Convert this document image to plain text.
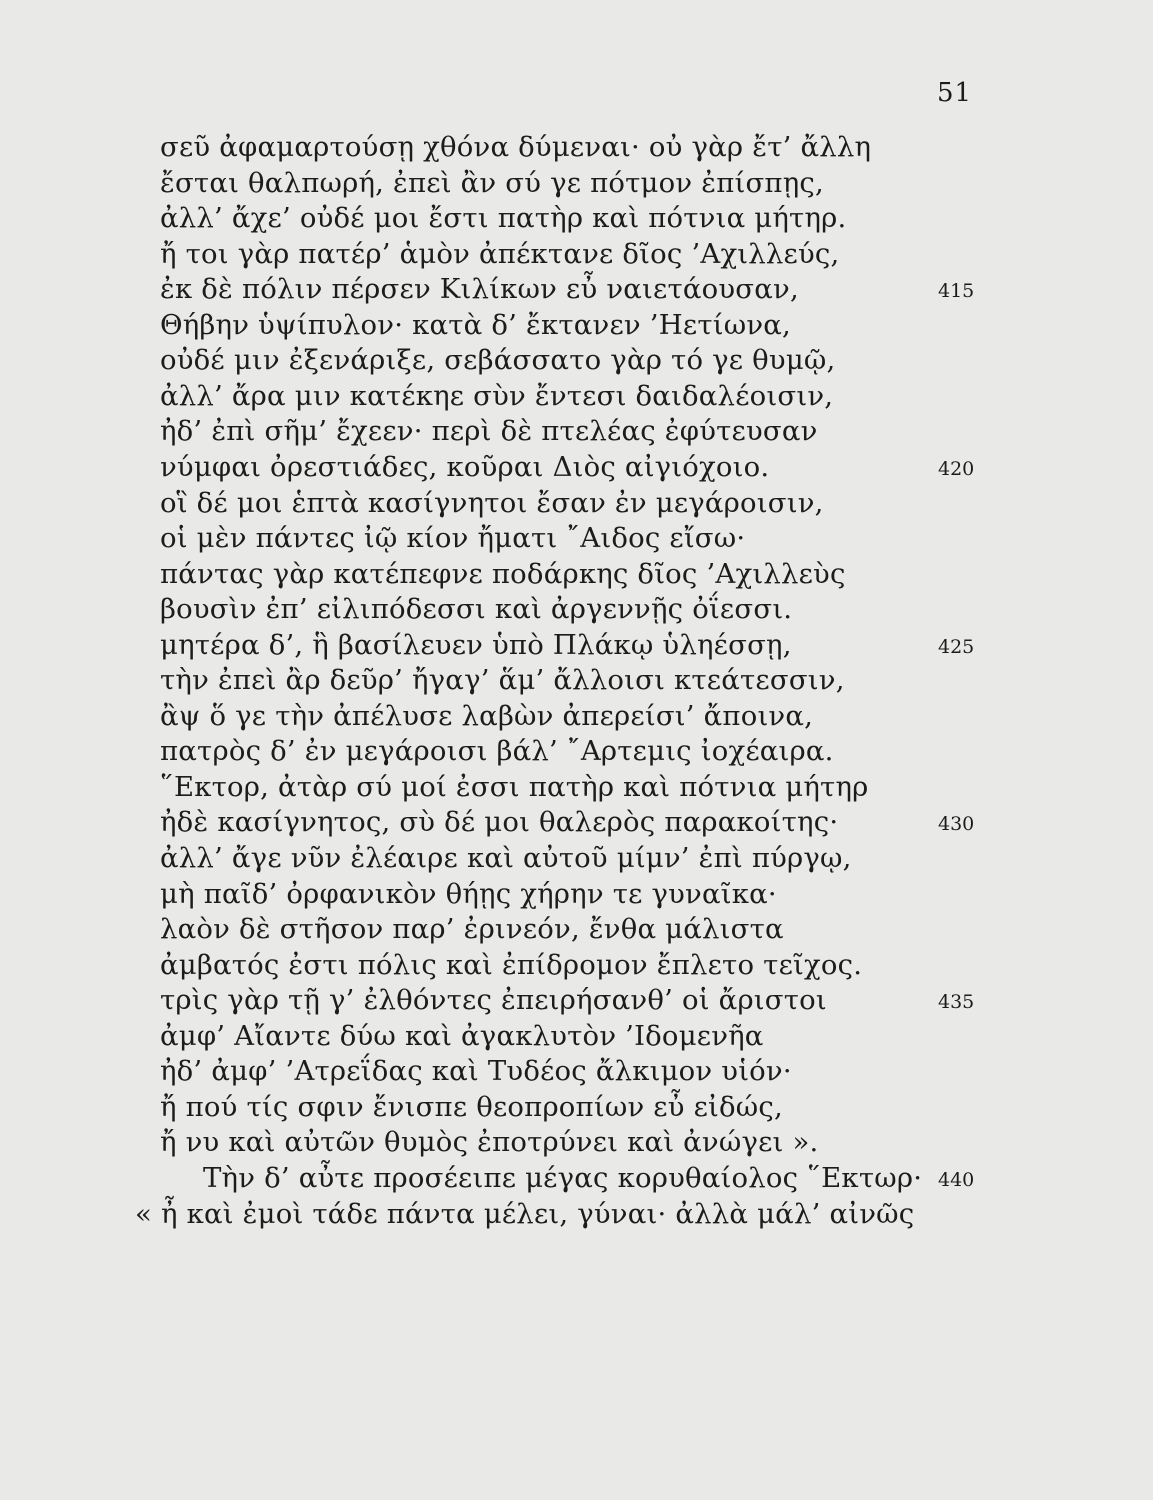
51
σεῦ ἀφαμαρτούσῃ χθόνα δύμεναι· οὐ γὰρ ἔτ’ ἄλλη
ἔσται θαλπωρή, ἐπεὶ ἂν σύ γε πότμον ἐπίσπῃς,
ἀλλ’ ἄχε’ οὐδέ μοι ἔστι πατὴρ καὶ πότνια μήτηρ.
ἤ τοι γὰρ πατέρ’ ἁμὸν ἀπέκτανε δῖος ’Αχιλλεύς,
ἐκ δὲ πόλιν πέρσεν Κιλίκων εὖ ναιετάουσαν,	415
Θήβην ὑψίπυλον· κατὰ δ’ ἔκτανεν ’Ηετίωνα,
οὐδέ μιν ἐξενάριξε, σεβάσσατο γὰρ τό γε θυμῷ,
ἀλλ’ ἄρα μιν κατέκηε σὺν ἔντεσι δαιδαλέοισιν,
ἠδ’ ἐπὶ σῆμ’ ἔχεεν· περὶ δὲ πτελέας ἐφύτευσαν
νύμφαι ὀρεστιάδες, κοῦραι Διὸς αἰγιόχοιο.	420
οἳ δέ μοι ἑπτὰ κασίγνητοι ἔσαν ἐν μεγάροισιν,
οἱ μὲν πάντες ἰῷ κίον ἤματι ῎Αιδος εἴσω·
πάντας γὰρ κατέπεφνε ποδάρκης δῖος ’Αχιλλεὺς
βουσὶν ἐπ’ εἰλιπόδεσσι καὶ ἀργεννῇς ὀΐεσσι.
μητέρα δ’, ἣ βασίλευεν ὑπὸ Πλάκῳ ὑληέσσῃ,	425
τὴν ἐπεὶ ἂρ δεῦρ’ ἤγαγ’ ἅμ’ ἄλλοισι κτεάτεσσιν,
ἂψ ὅ γε τὴν ἀπέλυσε λαβὼν ἀπερείσι’ ἄποινα,
πατρὸς δ’ ἐν μεγάροισι βάλ’ ῎Αρτεμις ἰοχέαιρα.
῞Εκτορ, ἀτὰρ σύ μοί ἐσσι πατὴρ καὶ πότνια μήτηρ
ἠδὲ κασίγνητος, σὺ δέ μοι θαλερὸς παρακοίτης·	430
ἀλλ’ ἄγε νῦν ἐλέαιρε καὶ αὐτοῦ μίμν’ ἐπὶ πύργῳ,
μὴ παῖδ’ ὀρφανικὸν θήῃς χήρην τε γυναῖκα·
λαὸν δὲ στῆσον παρ’ ἐρινεόν, ἔνθα μάλιστα
ἀμβατός ἐστι πόλις καὶ ἐπίδρομον ἔπλετο τεῖχος.
τρὶς γὰρ τῇ γ’ ἐλθόντες ἐπειρήσανθ’ οἱ ἄριστοι	435
ἀμφ’ Αἴαντε δύω καὶ ἀγακλυτὸν ’Ιδομενῆα
ἠδ’ ἀμφ’ ’Ατρεΐδας καὶ Τυδέος ἄλκιμον υἱόν·
ἤ πού τίς σφιν ἔνισπε θεοπροπίων εὖ εἰδώς,
ἤ νυ καὶ αὐτῶν θυμὸς ἐποτρύνει καὶ ἀνώγει ».
Τὴν δ’ αὖτε προσέειπε μέγας κορυθαίολος ῞Εκτωρ· 440
« ἦ καὶ ἐμοὶ τάδε πάντα μέλει, γύναι· ἀλλὰ μάλ’ αἰνῶς
